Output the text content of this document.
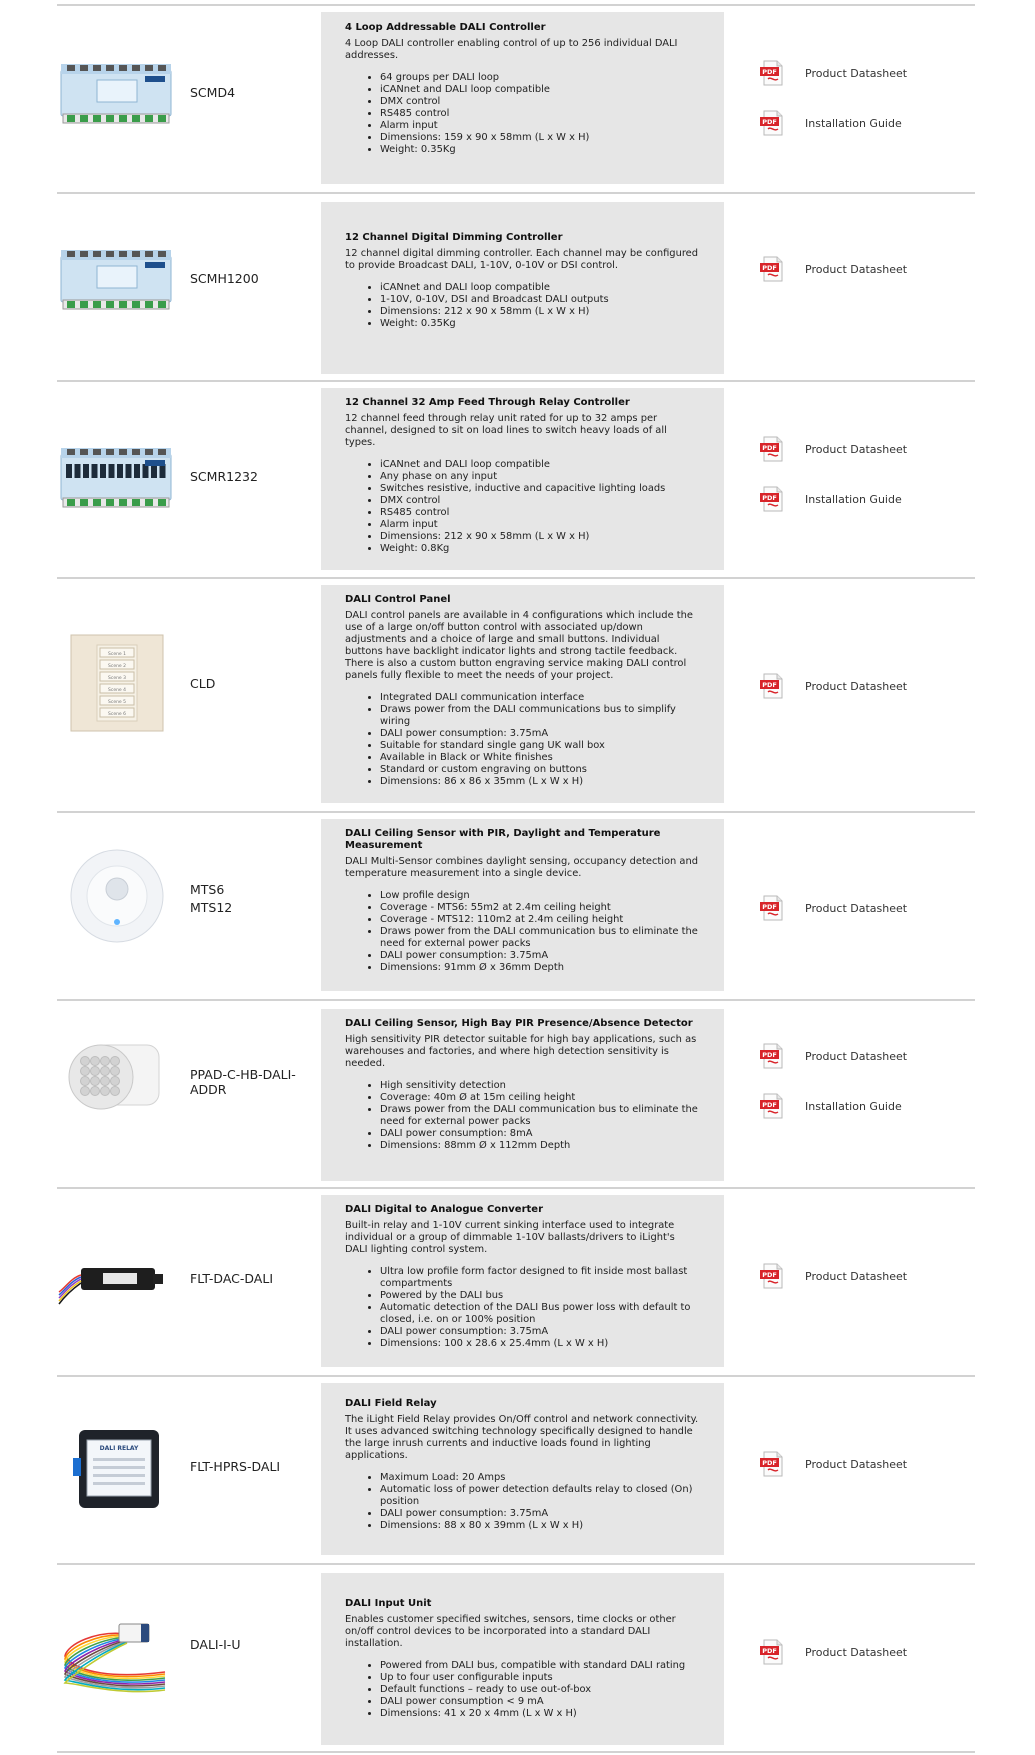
SCMD4
4 Loop Addressable DALI Controller

4 Loop DALI controller enabling control of up to 256 individual DALI addresses.

• 64 groups per DALI loop
• iCANnet and DALI loop compatible
• DMX control
• RS485 control
• Alarm input
• Dimensions: 159 x 90 x 58mm (L x W x H)
• Weight: 0.35Kg
PDF	Product Datasheet
PDF	Installation Guide
SCMH1200
12 Channel Digital Dimming Controller

12 channel digital dimming controller. Each channel may be configured to provide Broadcast DALI, 1-10V, 0-10V or DSI control.

• iCANnet and DALI loop compatible
• 1-10V, 0-10V, DSI and Broadcast DALI outputs
• Dimensions: 212 x 90 x 58mm (L x W x H)
• Weight: 0.35Kg
PDF	Product Datasheet
SCMR1232
12 Channel 32 Amp Feed Through Relay Controller

12 channel feed through relay unit rated for up to 32 amps per channel, designed to sit on load lines to switch heavy loads of all types.

• iCANnet and DALI loop compatible
• Any phase on any input
• Switches resistive, inductive and capacitive lighting loads
• DMX control
• RS485 control
• Alarm input
• Dimensions: 212 x 90 x 58mm (L x W x H)
• Weight: 0.8Kg
PDF	Product Datasheet
PDF	Installation Guide
Scene 1
Scene 2
Scene 3
Scene 4
Scene 5
Scene 6
CLD
DALI Control Panel

DALI control panels are available in 4 configurations which include the use of a large on/off button control with associated up/down adjustments and a choice of large and small buttons. Individual buttons have backlight indicator lights and strong tactile feedback. There is also a custom button engraving service making DALI control panels fully flexible to meet the needs of your project.

• Integrated DALI communication interface
• Draws power from the DALI communications bus to simplify wiring
• DALI power consumption: 3.75mA
• Suitable for standard single gang UK wall box
• Available in Black or White finishes
• Standard or custom engraving on buttons
• Dimensions: 86 x 86 x 35mm (L x W x H)
PDF	Product Datasheet
MTS6
MTS12
DALI Ceiling Sensor with PIR, Daylight and Temperature Measurement

DALI Multi-Sensor combines daylight sensing, occupancy detection and temperature measurement into a single device.

• Low profile design
• Coverage - MTS6: 55m2 at 2.4m ceiling height
• Coverage - MTS12: 110m2 at 2.4m ceiling height
• Draws power from the DALI communication bus to eliminate the need for external power packs
• DALI power consumption: 3.75mA
• Dimensions: 91mm Ø x 36mm Depth
PDF	Product Datasheet
PPAD-C-HB-DALI-
ADDR
DALI Ceiling Sensor, High Bay PIR Presence/Absence Detector

High sensitivity PIR detector suitable for high bay applications, such as warehouses and factories, and where high detection sensitivity is needed.

• High sensitivity detection
• Coverage: 40m Ø at 15m ceiling height
• Draws power from the DALI communication bus to eliminate the need for external power packs
• DALI power consumption: 8mA
• Dimensions: 88mm Ø x 112mm Depth
PDF	Product Datasheet
PDF	Installation Guide
FLT-DAC-DALI
DALI Digital to Analogue Converter

Built-in relay and 1-10V current sinking interface used to integrate individual or a group of dimmable 1-10V ballasts/drivers to iLight's DALI lighting control system.

• Ultra low profile form factor designed to fit inside most ballast compartments
• Powered by the DALI bus
• Automatic detection of the DALI Bus power loss with default to closed, i.e. on or 100% position
• DALI power consumption: 3.75mA
• Dimensions: 100 x 28.6 x 25.4mm (L x W x H)
PDF	Product Datasheet
DALI RELAY
FLT-HPRS-DALI
DALI Field Relay

The iLight Field Relay provides On/Off control and network connectivity. It uses advanced switching technology specifically designed to handle the large inrush currents and inductive loads found in lighting applications.

• Maximum Load: 20 Amps
• Automatic loss of power detection defaults relay to closed (On) position
• DALI power consumption: 3.75mA
• Dimensions: 88 x 80 x 39mm (L x W x H)
PDF	Product Datasheet
DALI-I-U
DALI Input Unit

Enables customer specified switches, sensors, time clocks or other on/off control devices to be incorporated into a standard DALI installation.

• Powered from DALI bus, compatible with standard DALI rating
• Up to four user configurable inputs
• Default functions – ready to use out-of-box
• DALI power consumption < 9 mA
• Dimensions: 41 x 20 x 4mm (L x W x H)
PDF	Product Datasheet
